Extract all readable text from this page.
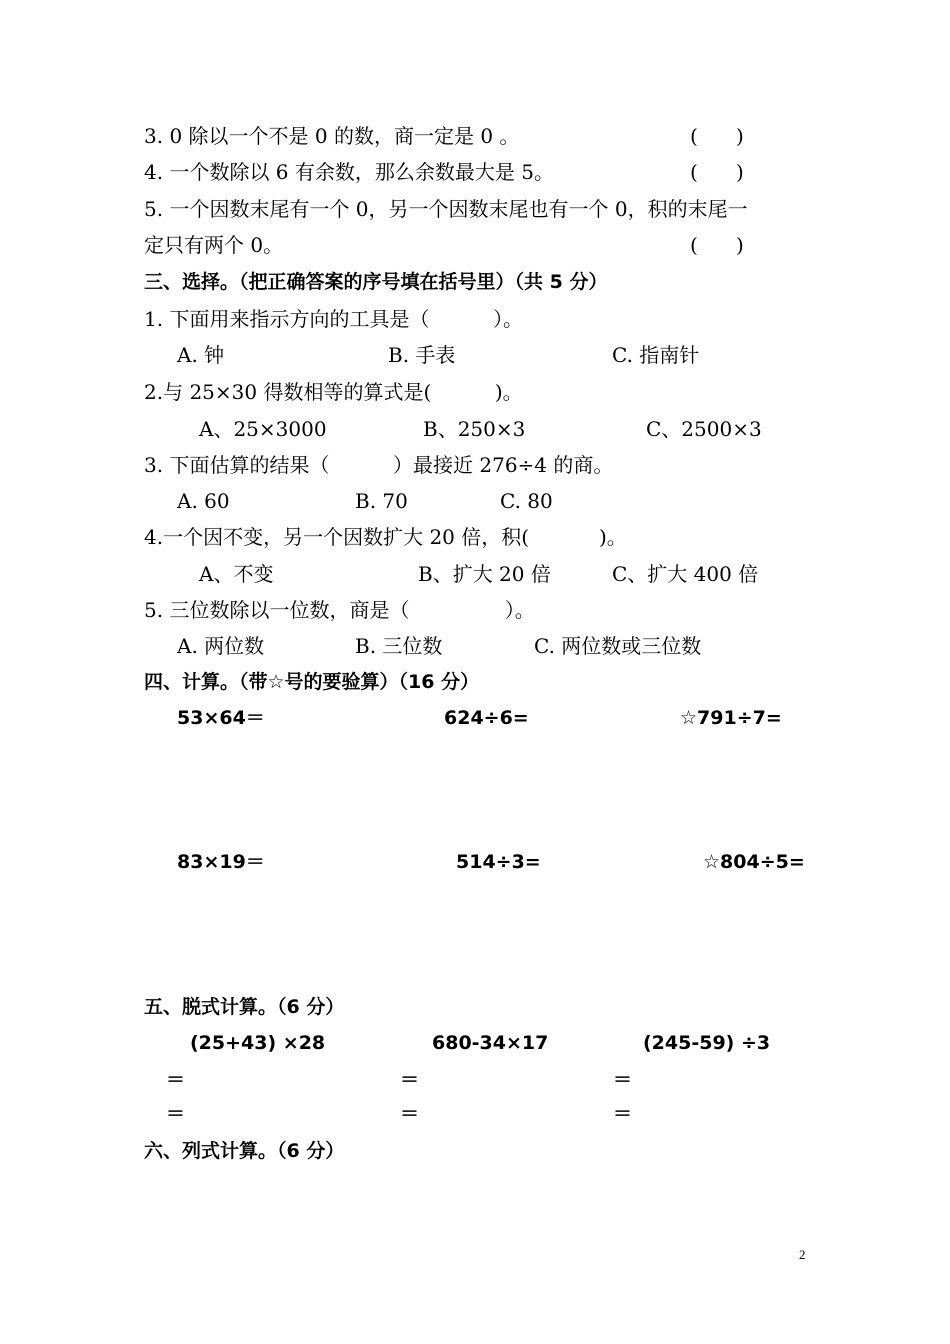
3. 0 除以一个不是 0 的数，商一定是 0 。	(      )
4. 一个数除以 6 有余数，那么余数最大是 5。	(      )
5. 一个因数末尾有一个 0，另一个因数末尾也有一个 0，积的末尾一
定只有两个 0。	(      )
三、选择。（把正确答案的序号填在括号里）（共 5 分）
1. 下面用来指示方向的工具是（          ）。
A. 钟	B. 手表	C. 指南针
2.与 25×30 得数相等的算式是(          )。
A、25×3000	B、250×3	C、2500×3
3. 下面估算的结果（          ）最接近 276÷4 的商。
A. 60	B. 70	C. 80
4.一个因不变，另一个因数扩大 20 倍，积(           )。
A、不变	B、扩大 20 倍	C、扩大 400 倍
5. 三位数除以一位数，商是（               ）。
A. 两位数	B. 三位数	C. 两位数或三位数
四、计算。（带☆号的要验算）（16 分）
53×64＝	624÷6=	☆791÷7=
83×19＝	514÷3=	☆804÷5=
五、脱式计算。（6 分）
(25+43) ×28	680-34×17	(245-59) ÷3
＝	＝	＝
＝	＝	＝
六、列式计算。（6 分）
2
